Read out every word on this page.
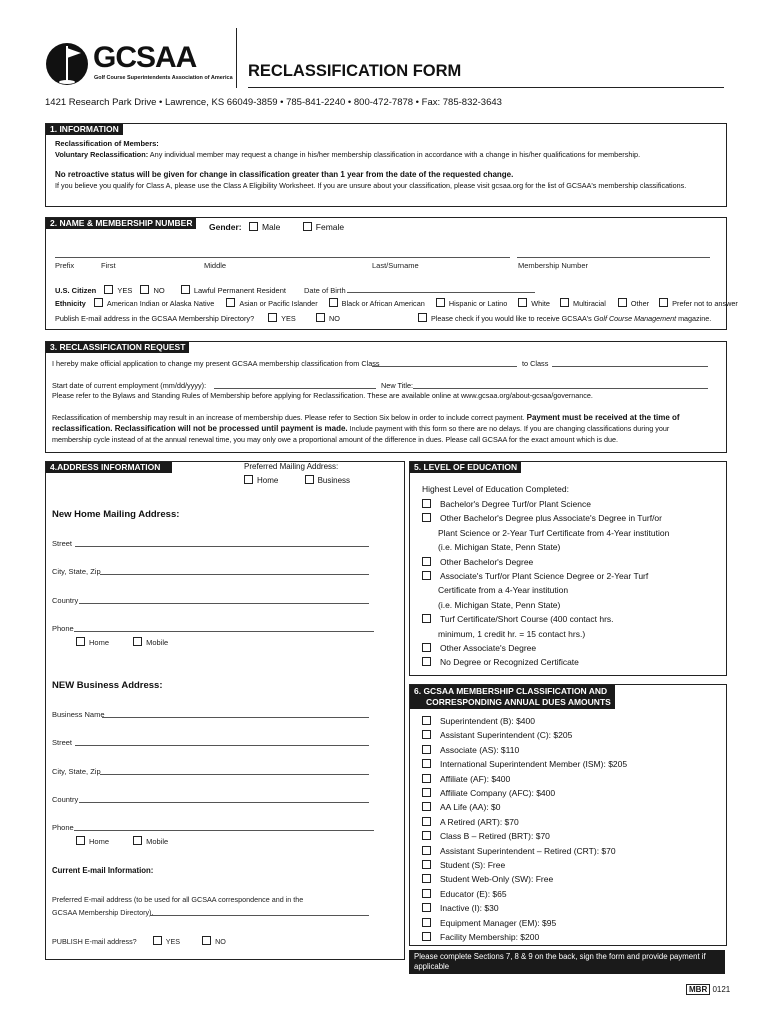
GCSAA
Golf Course Superintendents Association of America RECLASSIFICATION FORM
1421 Research Park Drive • Lawrence, KS 66049-3859 • 785-841-2240 • 800-472-7878 • Fax: 785-832-3643
1. INFORMATION
Reclassification of Members:
Voluntary Reclassification: Any individual member may request a change in his/her membership classification in accordance with a change in his/her qualifications for membership.
No retroactive status will be given for change in classification greater than 1 year from the date of the requested change.
If you believe you qualify for Class A, please use the Class A Eligibility Worksheet. If you are unsure about your classification, please visit gcsaa.org for the list of GCSAA's membership classifications.
2. NAME & MEMBERSHIP NUMBER	Gender: Male	Female
Prefix	First	Middle	Last/Surname	Membership Number
U.S. Citizen	YES	NO	Lawful Permanent Resident Date of Birth
Ethnicity	American Indian or Alaska Native	Asian or Pacific Islander	Black or African American	Hispanic or Latino	White	Multiracial	Other	Prefer not to answer
Publish E-mail address in the GCSAA Membership Directory?	YES	NO	Please check if you would like to receive GCSAA's Golf Course Management magazine.
3. RECLASSIFICATION REQUEST
I hereby make official application to change my present GCSAA membership classification from Class	to Class
Start date of current employment (mm/dd/yyyy):	New Title:
Please refer to the Bylaws and Standing Rules of Membership before applying for Reclassification. These are available online at www.gcsaa.org/about-gcsaa/governance.
Reclassification of membership may result in an increase of membership dues. Please refer to Section Six below in order to include correct payment. Payment must be received at the time of
reclassification. Reclassification will not be processed until payment is made. Include payment with this form so there are no delays. If you are changing classifications during your
membership cycle instead of at the annual renewal time, you may only owe a proportional amount of the difference in dues. Please call GCSAA for the exact amount which is due.
4.ADDRESS INFORMATION	Preferred Mailing Address:
Home	Business
New Home Mailing Address:
Street
City, State, Zip
Country
Phone
Home	Mobile
NEW Business Address:
Business Name
Street
City, State, Zip
Country
Phone
Home	Mobile
Current E-mail Information:
Preferred E-mail address (to be used for all GCSAA correspondence and in the
GCSAA Membership Directory).
PUBLISH E-mail address?	YES	NO
5. LEVEL OF EDUCATION
Highest Level of Education Completed:
Bachelor's Degree Turf/or Plant Science
Other Bachelor's Degree plus Associate's Degree in Turf/or
Plant Science or 2-Year Turf Certificate from 4-Year institution
(i.e. Michigan State, Penn State)
Other Bachelor's Degree
Associate's Turf/or Plant Science Degree or 2-Year Turf
Certificate from a 4-Year institution
(i.e. Michigan State, Penn State)
Turf Certificate/Short Course (400 contact hrs.
minimum, 1 credit hr. = 15 contact hrs.)
Other Associate's Degree
No Degree or Recognized Certificate
6. GCSAA MEMBERSHIP CLASSIFICATION AND
CORRESPONDING ANNUAL DUES AMOUNTS
Superintendent (B): $400
Assistant Superintendent (C): $205
Associate (AS): $110
International Superintendent Member (ISM): $205
Affiliate (AF): $400
Affiliate Company (AFC): $400
AA Life (AA): $0
A Retired (ART): $70
Class B – Retired (BRT): $70
Assistant Superintendent – Retired (CRT): $70
Student (S): Free
Student Web-Only (SW): Free
Educator (E): $65
Inactive (I): $30
Equipment Manager (EM): $95
Facility Membership: $200
Please complete Sections 7, 8 & 9 on the back, sign the form and provide payment if applicable
MBR 0121
